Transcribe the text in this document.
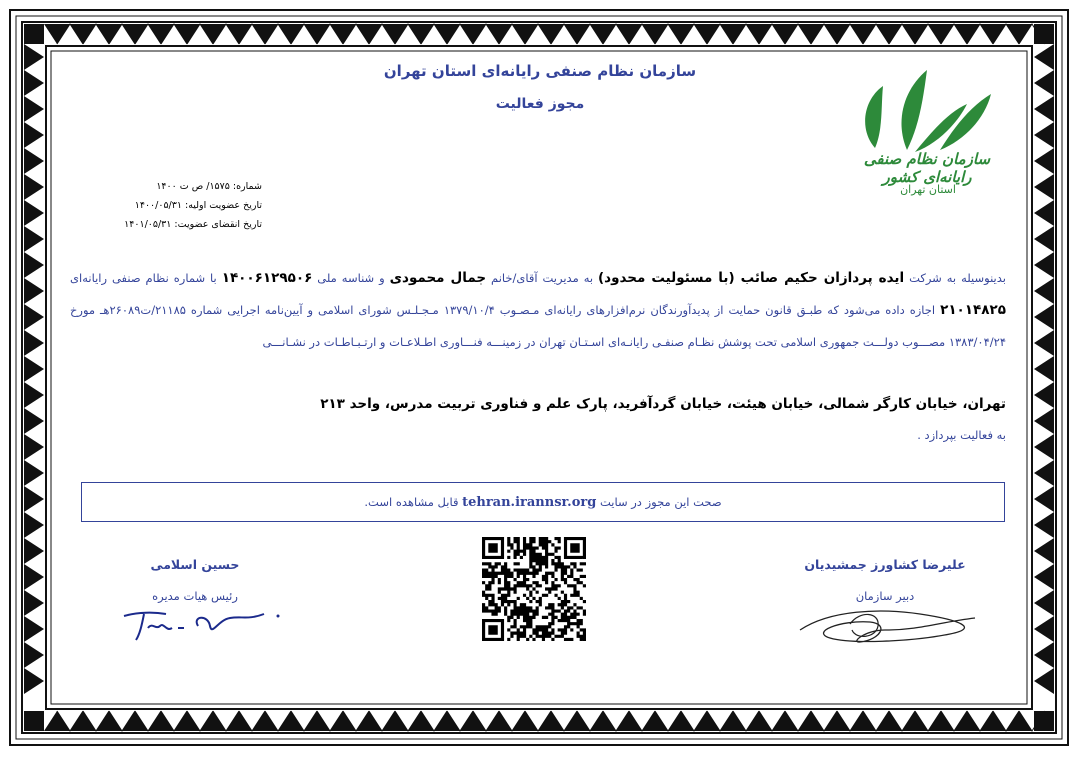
سازمان نظام صنفی رایانه‌ای کشور
استان تهران
سازمان نظام صنفی رایانه‌ای استان تهران
مجوز فعالیت
شماره: ۱۵۷۵/ ص ت ۱۴۰۰
تاریخ عضویت اولیه: ۱۴۰۰/۰۵/۳۱
تاریخ انقضای عضویت: ۱۴۰۱/۰۵/۳۱
بدینوسیله به شرکت ایده پردازان حکیم صائب (با مسئولیت محدود) به مدیریت آقای/خانم جمال محمودی و شناسه ملی ۱۴۰۰۶۱۲۹۵۰۶ با شماره نظام صنفی رایانه‌ای ۲۱۰۱۴۸۲۵ اجازه داده می‌شود که طبـق قانون حمایت از پدیدآورندگان نرم‌افزارهای رایانه‌ای مـصـوب ۱۳۷۹/۱۰/۴ مـجـلـس شورای اسلامی و آیین‌نامه اجرایی شماره ۲۱۱۸۵/ت۲۶۰۸۹هـ مورخ ۱۳۸۳/۰۴/۲۴ مصـــوب دولـــت جمهوری اسلامی تحت پوشش نظـام صنفـی رایانـه‌ای اسـتـان تهران در زمینـــه فنـــاوری اطـلاعـات و ارتـبـاطـات در نشـانـــی
تهران، خیابان کارگر شمالی، خیابان هیئت، خیابان گردآفرید، پارک علم و فناوری تربیت مدرس، واحد ۲۱۳
به فعالیت بپردازد .
صحت این مجوز در سایت tehran.irannsr.org قابل مشاهده است.
علیرضا کشاورز جمشیدیان
دبیر سازمان
حسین اسلامی
رئیس هیات مدیره
